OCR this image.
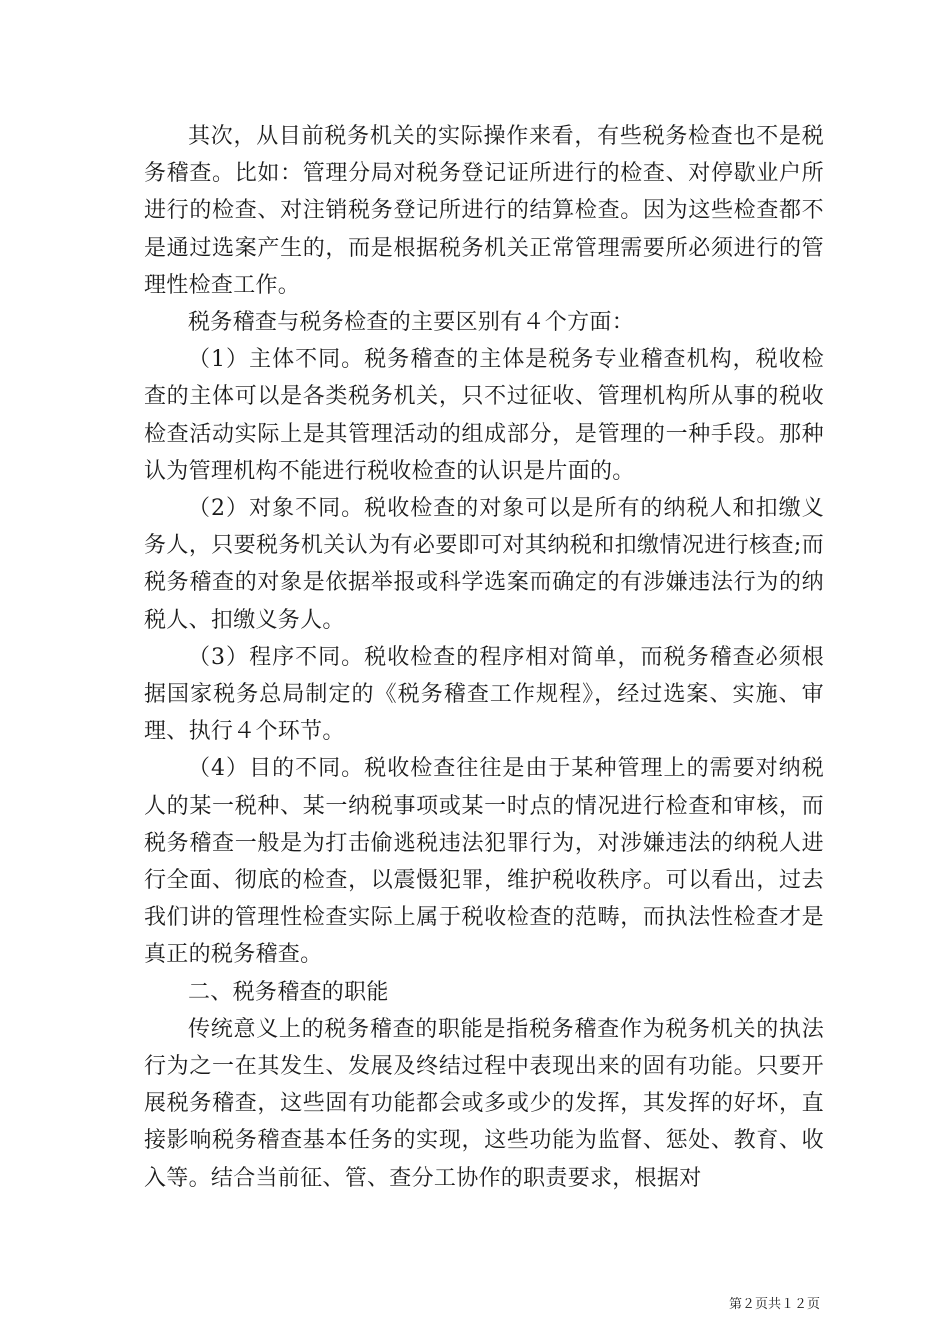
其次，从目前税务机关的实际操作来看，有些税务检查也不是税务稽查。比如：管理分局对税务登记证所进行的检查、对停歇业户所进行的检查、对注销税务登记所进行的结算检查。因为这些检查都不是通过选案产生的，而是根据税务机关正常管理需要所必须进行的管理性检查工作。

税务稽查与税务检查的主要区别有４个方面：

（1）主体不同。税务稽查的主体是税务专业稽查机构，税收检查的主体可以是各类税务机关，只不过征收、管理机构所从事的税收检查活动实际上是其管理活动的组成部分，是管理的一种手段。那种认为管理机构不能进行税收检查的认识是片面的。

（2）对象不同。税收检查的对象可以是所有的纳税人和扣缴义务人，只要税务机关认为有必要即可对其纳税和扣缴情况进行核查;而税务稽查的对象是依据举报或科学选案而确定的有涉嫌违法行为的纳税人、扣缴义务人。

（3）程序不同。税收检查的程序相对简单，而税务稽查必须根据国家税务总局制定的《税务稽查工作规程》，经过选案、实施、审理、执行４个环节。

（4）目的不同。税收检查往往是由于某种管理上的需要对纳税人的某一税种、某一纳税事项或某一时点的情况进行检查和审核，而税务稽查一般是为打击偷逃税违法犯罪行为，对涉嫌违法的纳税人进行全面、彻底的检查，以震慑犯罪，维护税收秩序。可以看出，过去我们讲的管理性检查实际上属于税收检查的范畴，而执法性检查才是真正的税务稽查。

二、税务稽查的职能

传统意义上的税务稽查的职能是指税务稽查作为税务机关的执法行为之一在其发生、发展及终结过程中表现出来的固有功能。只要开展税务稽查，这些固有功能都会或多或少的发挥，其发挥的好坏，直接影响税务稽查基本任务的实现，这些功能为监督、惩处、教育、收入等。结合当前征、管、查分工协作的职责要求，根据对

第２页共１２页
